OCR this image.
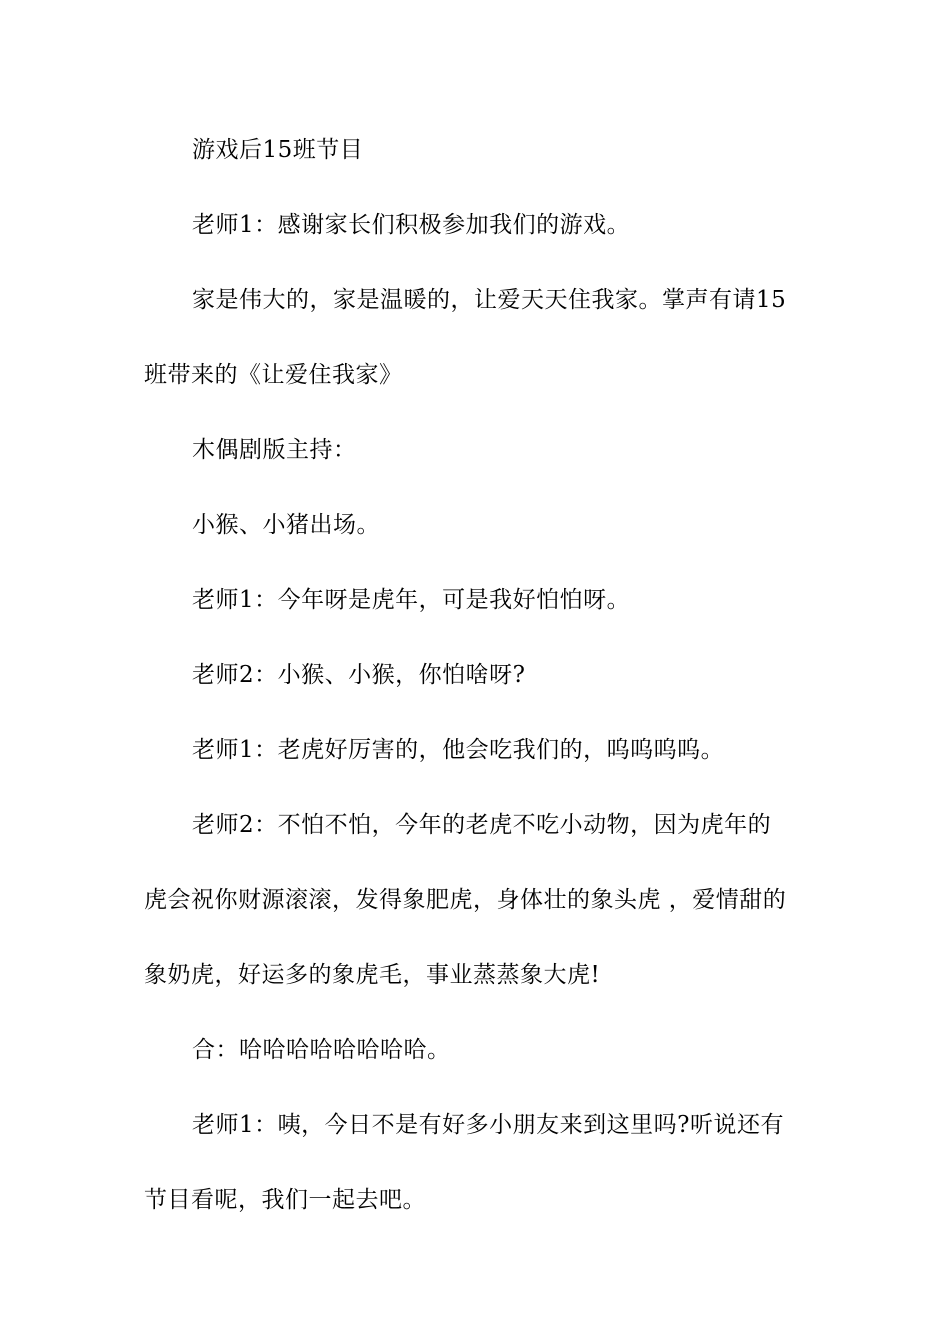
游戏后15班节目
老师1：感谢家长们积极参加我们的游戏。
家是伟大的，家是温暖的，让爱天天住我家。掌声有请15
班带来的《让爱住我家》
木偶剧版主持：
小猴、小猪出场。
老师1：今年呀是虎年，可是我好怕怕呀。
老师2：小猴、小猴，你怕啥呀?
老师1：老虎好厉害的，他会吃我们的，呜呜呜呜。
老师2：不怕不怕，今年的老虎不吃小动物，因为虎年的
虎会祝你财源滚滚，发得象肥虎，身体壮的象头虎 ，爱情甜的
象奶虎，好运多的象虎毛，事业蒸蒸象大虎!
合：哈哈哈哈哈哈哈哈。
老师1：咦，今日不是有好多小朋友来到这里吗?听说还有
节目看呢，我们一起去吧。
